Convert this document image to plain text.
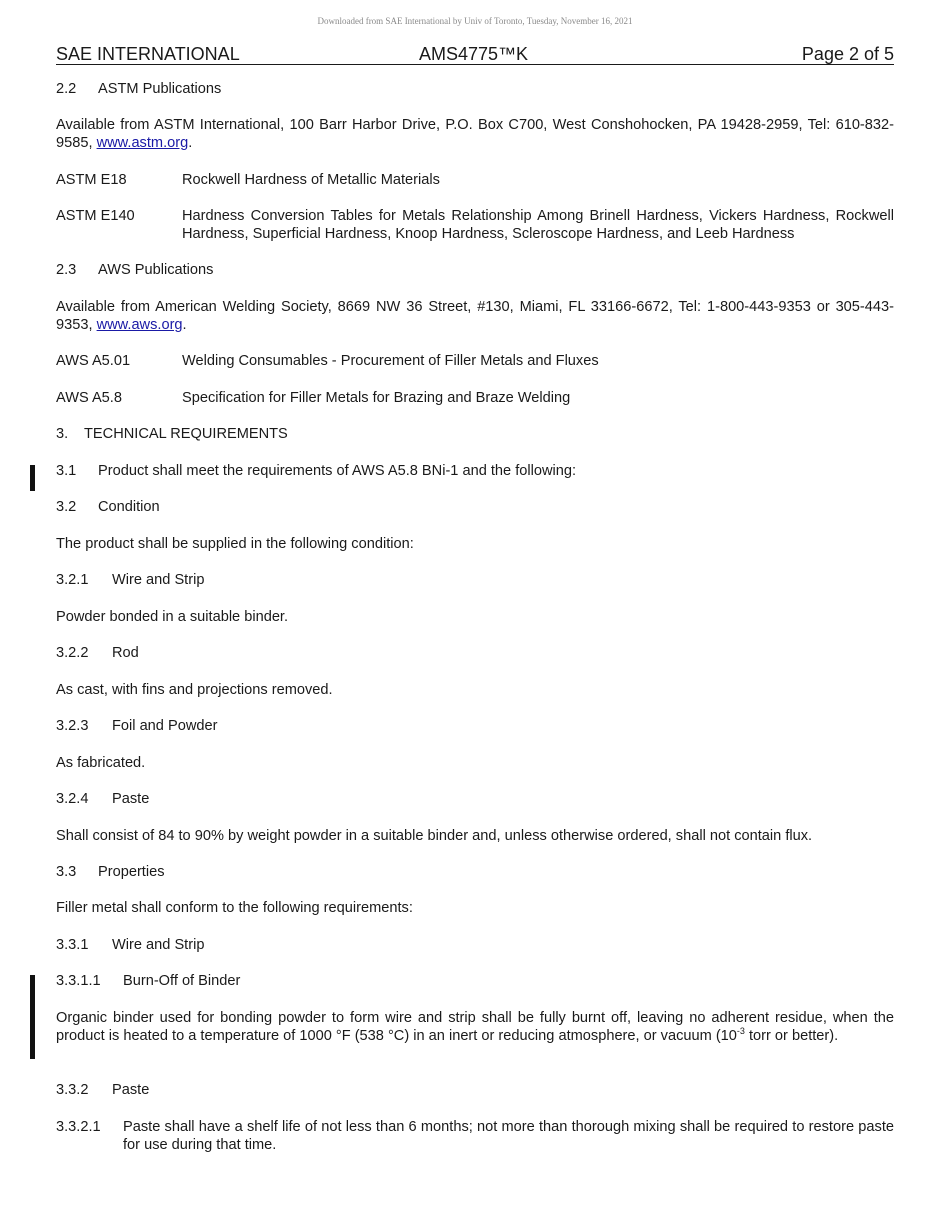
Downloaded from SAE International by Univ of Toronto, Tuesday, November 16, 2021
SAE INTERNATIONAL	AMS4775™K	Page 2 of 5
2.2 ASTM Publications
Available from ASTM International, 100 Barr Harbor Drive, P.O. Box C700, West Conshohocken, PA 19428-2959, Tel: 610-832-9585, www.astm.org.
ASTM E18	Rockwell Hardness of Metallic Materials
ASTM E140	Hardness Conversion Tables for Metals Relationship Among Brinell Hardness, Vickers Hardness, Rockwell Hardness, Superficial Hardness, Knoop Hardness, Scleroscope Hardness, and Leeb Hardness
2.3 AWS Publications
Available from American Welding Society, 8669 NW 36 Street, #130, Miami, FL 33166-6672, Tel: 1-800-443-9353 or 305-443-9353, www.aws.org.
AWS A5.01	Welding Consumables - Procurement of Filler Metals and Fluxes
AWS A5.8	Specification for Filler Metals for Brazing and Braze Welding
3. TECHNICAL REQUIREMENTS
3.1 Product shall meet the requirements of AWS A5.8 BNi-1 and the following:
3.2 Condition
The product shall be supplied in the following condition:
3.2.1 Wire and Strip
Powder bonded in a suitable binder.
3.2.2 Rod
As cast, with fins and projections removed.
3.2.3 Foil and Powder
As fabricated.
3.2.4 Paste
Shall consist of 84 to 90% by weight powder in a suitable binder and, unless otherwise ordered, shall not contain flux.
3.3 Properties
Filler metal shall conform to the following requirements:
3.3.1 Wire and Strip
3.3.1.1 Burn-Off of Binder
Organic binder used for bonding powder to form wire and strip shall be fully burnt off, leaving no adherent residue, when the product is heated to a temperature of 1000 °F (538 °C) in an inert or reducing atmosphere, or vacuum ($10^{-3}$ torr or better).
3.3.2 Paste
3.3.2.1 Paste shall have a shelf life of not less than 6 months; not more than thorough mixing shall be required to restore paste for use during that time.
